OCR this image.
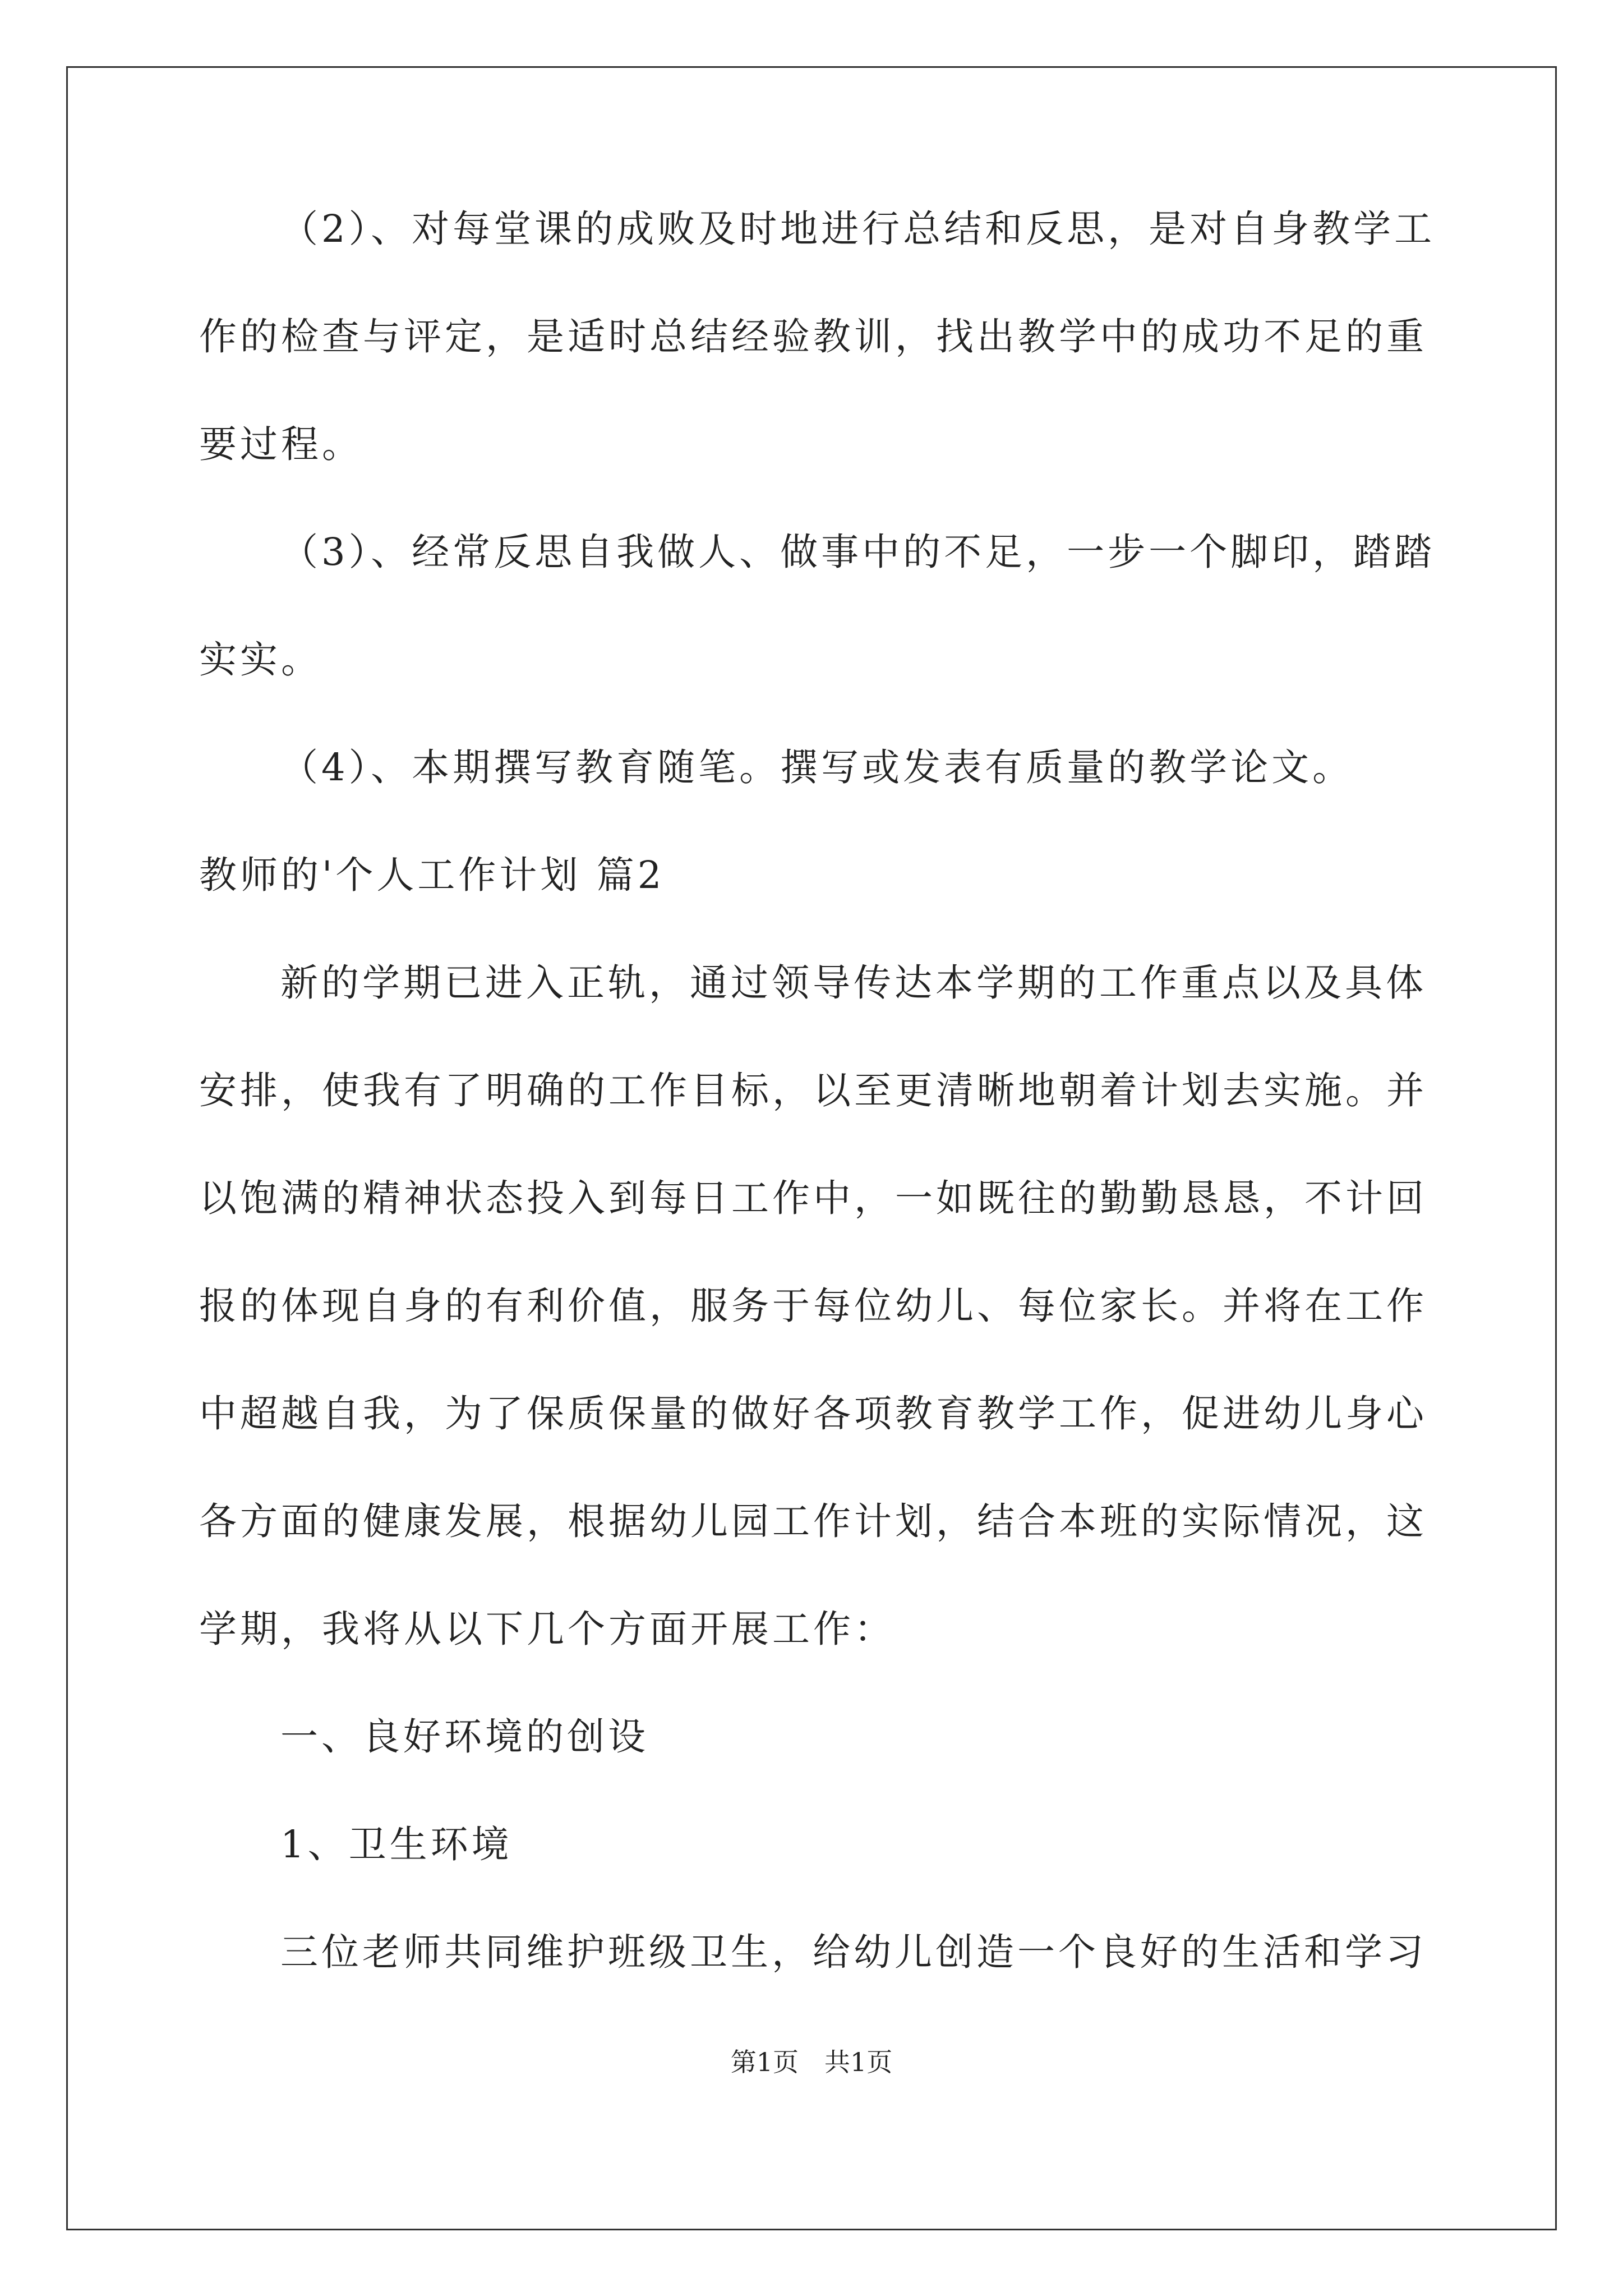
（2）、对每堂课的成败及时地进行总结和反思，是对自身教学工

作的检查与评定，是适时总结经验教训，找出教学中的成功不足的重

要过程。

（3）、经常反思自我做人、做事中的不足，一步一个脚印，踏踏

实实。

（4）、本期撰写教育随笔。撰写或发表有质量的教学论文。

教师的'个人工作计划 篇2

新的学期已进入正轨，通过领导传达本学期的工作重点以及具体

安排，使我有了明确的工作目标，以至更清晰地朝着计划去实施。并

以饱满的精神状态投入到每日工作中，一如既往的勤勤恳恳，不计回

报的体现自身的有利价值，服务于每位幼儿、每位家长。并将在工作

中超越自我，为了保质保量的做好各项教育教学工作，促进幼儿身心

各方面的健康发展，根据幼儿园工作计划，结合本班的实际情况，这

学期，我将从以下几个方面开展工作：

一、良好环境的创设

1、卫生环境

三位老师共同维护班级卫生，给幼儿创造一个良好的生活和学习

第1页　共1页
